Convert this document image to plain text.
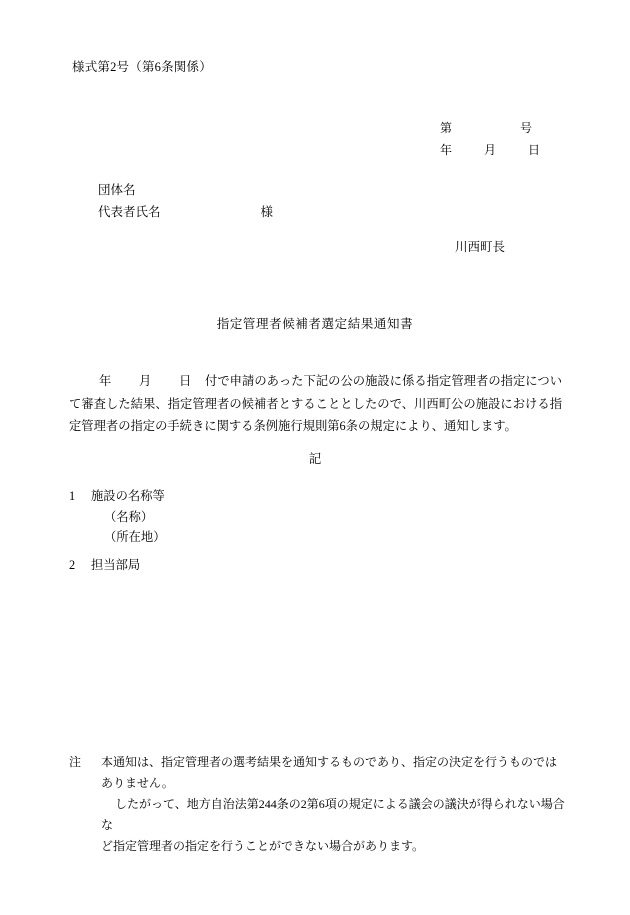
様式第2号（第6条関係）
第	号
年	月	日
団体名
代表者氏名	様
川西町長
指定管理者候補者選定結果通知書
年 月 日 付で申請のあった下記の公の施設に係る指定管理者の指定について審査した結果、指定管理者の候補者とすることとしたので、川西町公の施設における指定管理者の指定の手続きに関する条例施行規則第6条の規定により、通知します。
記
1 施設の名称等
（名称）
（所在地）
2 担当部局
注 本通知は、指定管理者の選考結果を通知するものであり、指定の決定を行うものでは
ありません。
したがって、地方自治法第244条の2第6項の規定による議会の議決が得られない場合な
ど指定管理者の指定を行うことができない場合があります。
